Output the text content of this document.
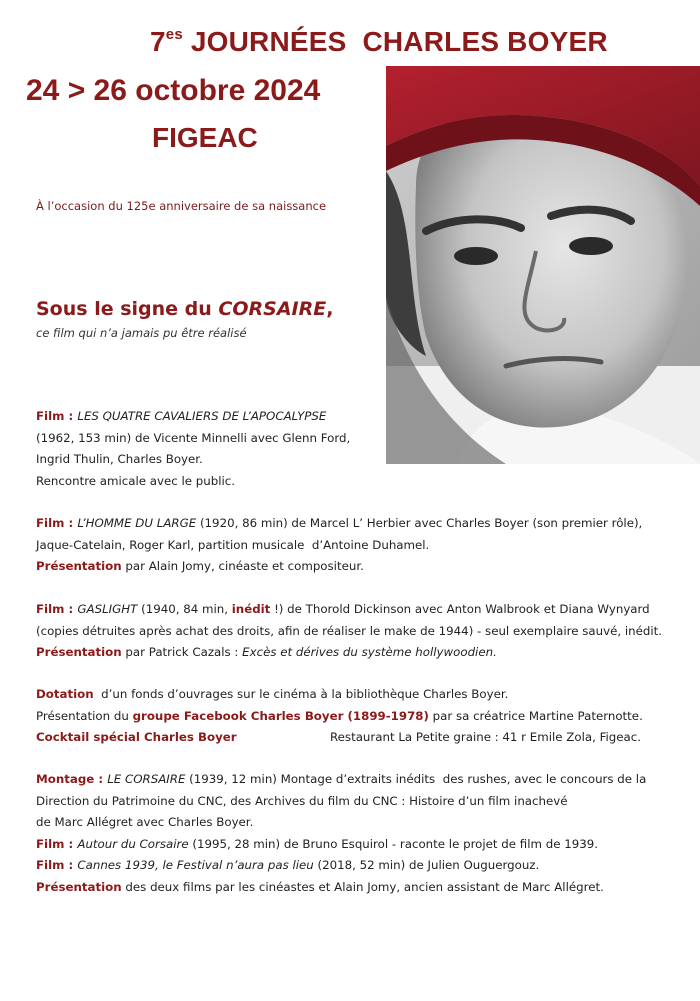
$7^{es}$ JOURNÉES  CHARLES BOYER
24 > 26 octobre 2024
FIGEAC
À l’occasion du 125e anniversaire de sa naissance
Sous le signe du CORSAIRE,
ce film qui n’a jamais pu être réalisé
Film : LES QUATRE CAVALIERS DE L’APOCALYPSE
(1962, 153 min) de Vicente Minnelli avec Glenn Ford,
Ingrid Thulin, Charles Boyer.
Rencontre amicale avec le public.
Film : L’HOMME DU LARGE (1920, 86 min) de Marcel L’ Herbier avec Charles Boyer (son premier rôle),
Jaque-Catelain, Roger Karl, partition musicale  d’Antoine Duhamel.
Présentation par Alain Jomy, cinéaste et compositeur.
Film : GASLIGHT (1940, 84 min, inédit !) de Thorold Dickinson avec Anton Walbrook et Diana Wynyard
(copies détruites après achat des droits, afin de réaliser le make de 1944) - seul exemplaire sauvé, inédit.
Présentation par Patrick Cazals : Excès et dérives du système hollywoodien.
Dotation  d’un fonds d’ouvrages sur le cinéma à la bibliothèque Charles Boyer.
Présentation du groupe Facebook Charles Boyer (1899-1978) par sa créatrice Martine Paternotte.
Cocktail spécial Charles Boyer	Restaurant La Petite graine : 41 r Emile Zola, Figeac.
Montage : LE CORSAIRE (1939, 12 min) Montage d’extraits inédits  des rushes, avec le concours de la
Direction du Patrimoine du CNC, des Archives du film du CNC : Histoire d’un film inachevé
de Marc Allégret avec Charles Boyer.
Film : Autour du Corsaire (1995, 28 min) de Bruno Esquirol - raconte le projet de film de 1939.
Film : Cannes 1939, le Festival n’aura pas lieu (2018, 52 min) de Julien Ouguergouz.
Présentation des deux films par les cinéastes et Alain Jomy, ancien assistant de Marc Allégret.
